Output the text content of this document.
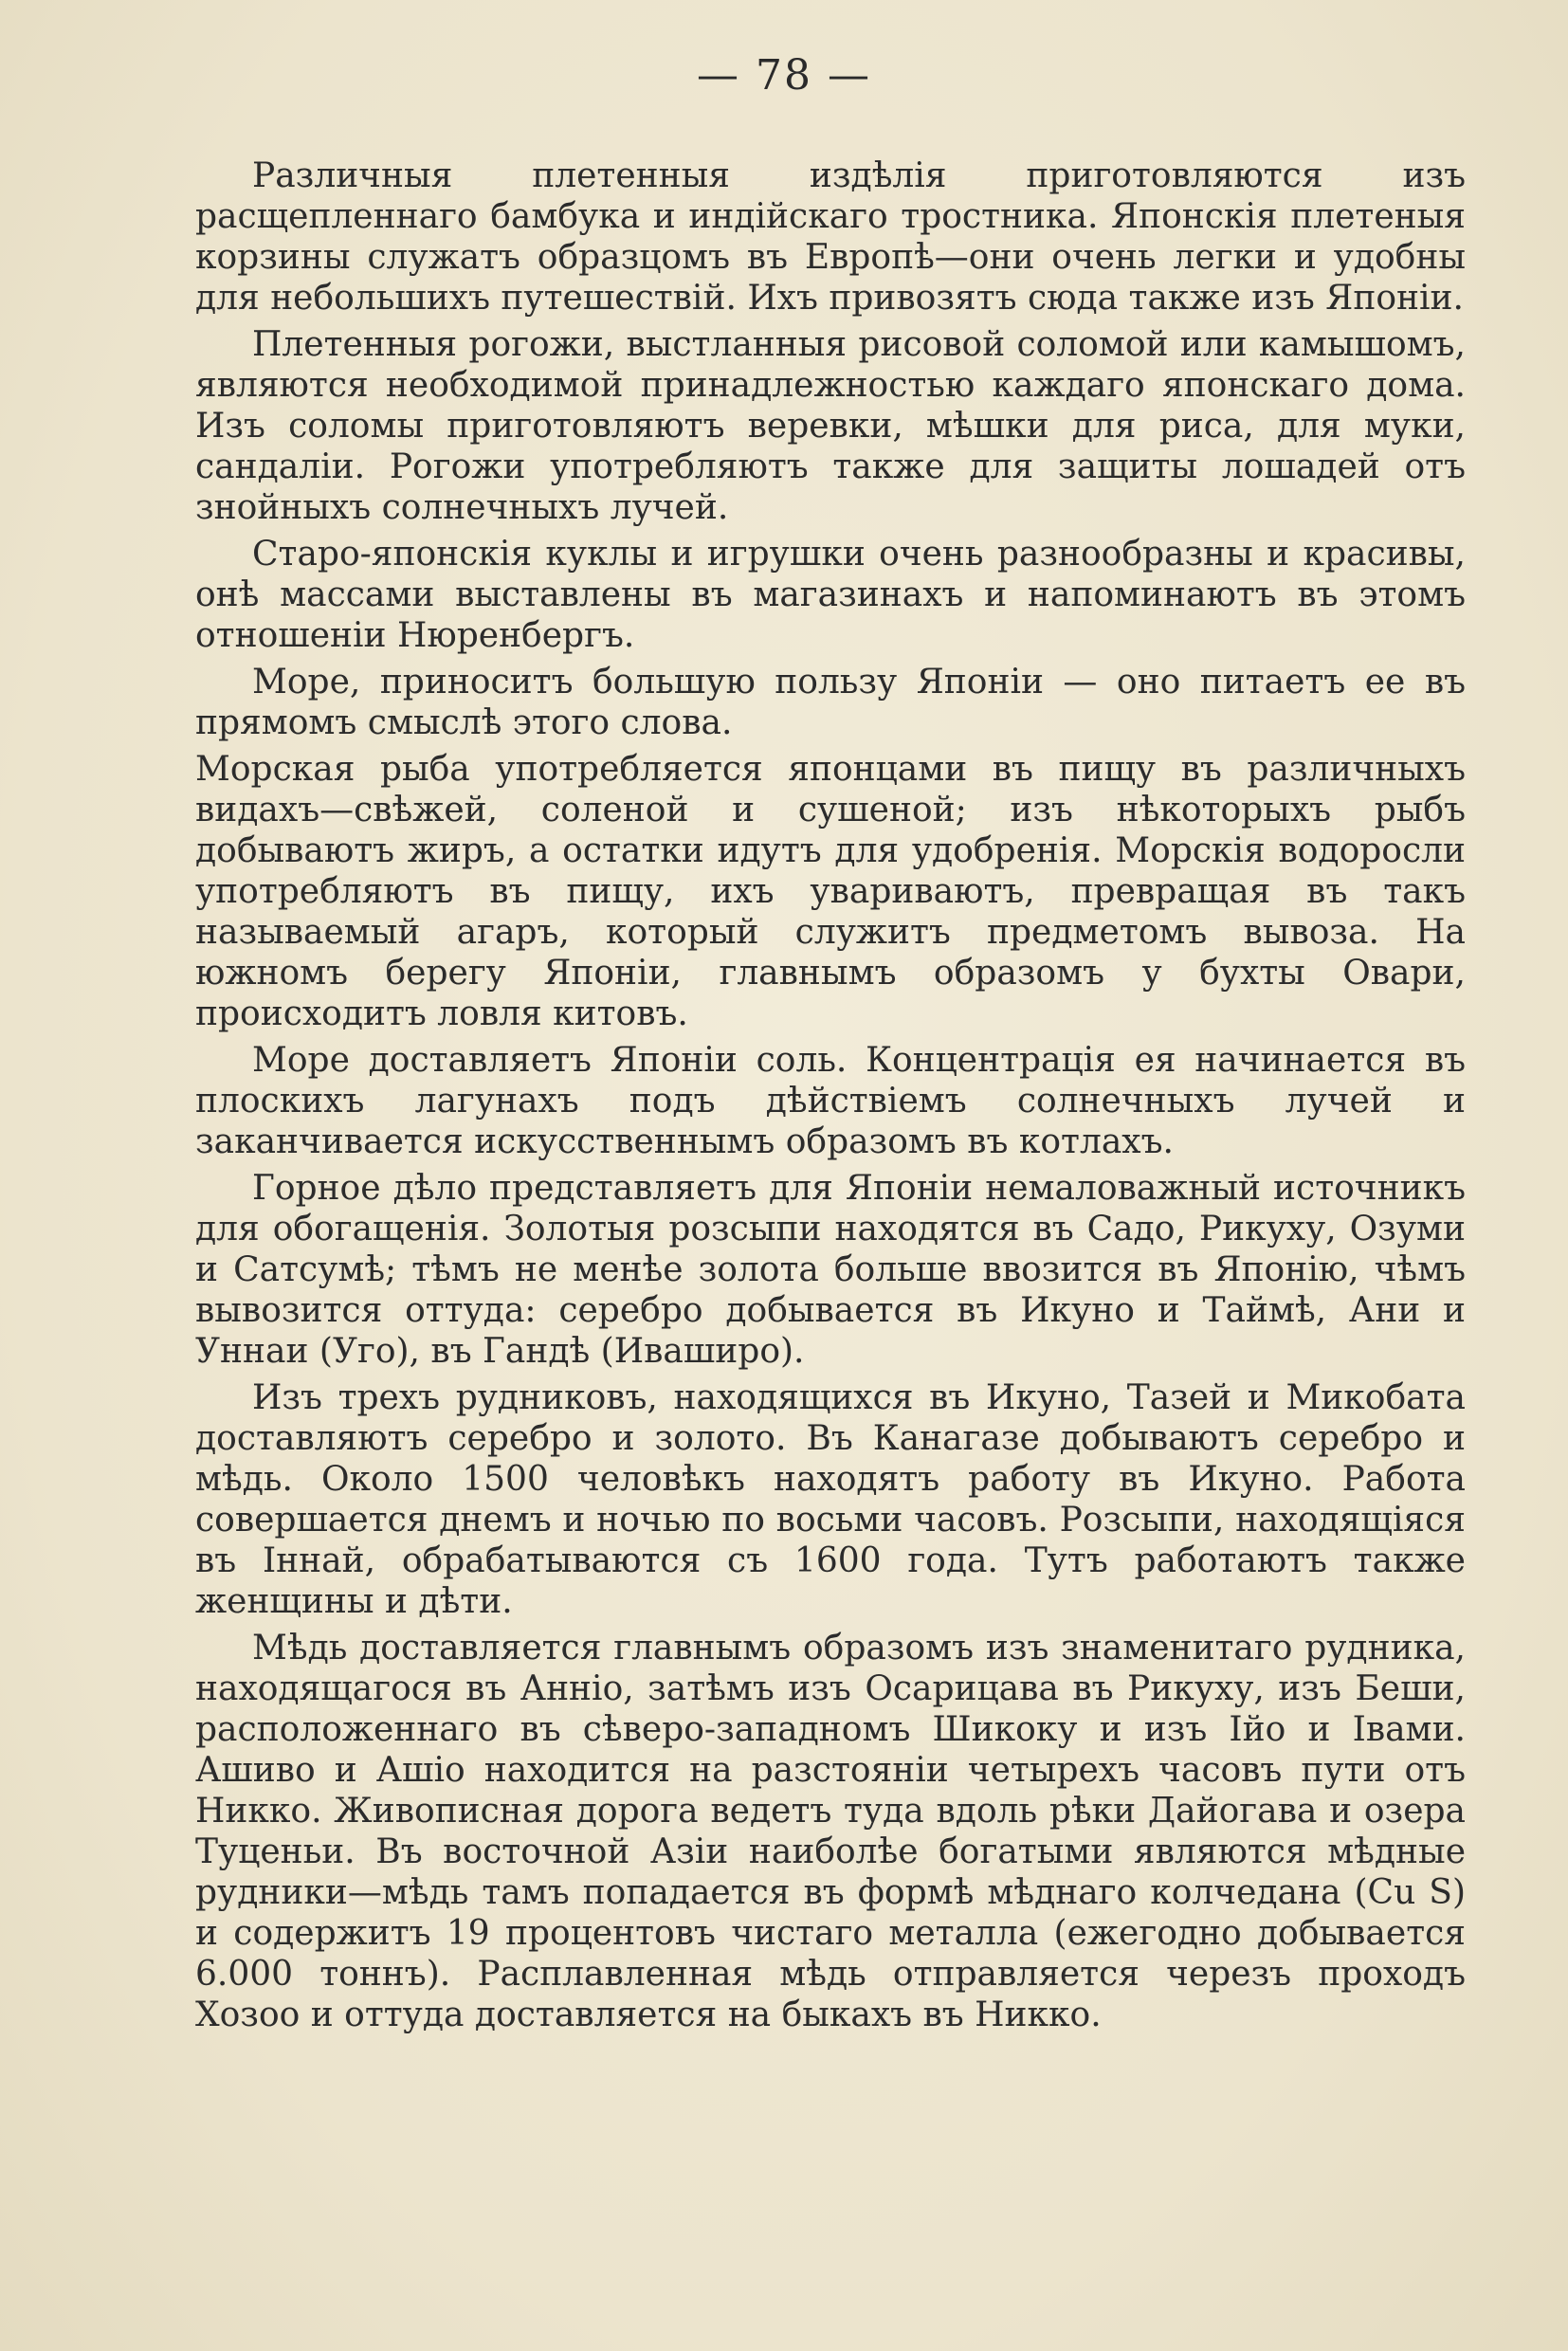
— 78 —

Различныя плетенныя издѣлія приготовляются изъ расщепленнаго бамбука и индійскаго тростника. Японскія плетеныя корзины служатъ образцомъ въ Европѣ—они очень легки и удобны для небольшихъ путешествій. Ихъ привозятъ сюда также изъ Японіи.

Плетенныя рогожи, выстланныя рисовой соломой или камышомъ, являются необходимой принадлежностью каждаго японскаго дома. Изъ соломы приготовляютъ веревки, мѣшки для риса, для муки, сандаліи. Рогожи употребляютъ также для защиты лошадей отъ знойныхъ солнечныхъ лучей.

Старо-японскія куклы и игрушки очень разнообразны и красивы, онѣ массами выставлены въ магазинахъ и напоминаютъ въ этомъ отношеніи Нюренбергъ.

Море, приноситъ большую пользу Японіи — оно питаетъ ее въ прямомъ смыслѣ этого слова.

Морская рыба употребляется японцами въ пищу въ различныхъ видахъ—свѣжей, соленой и сушеной; изъ нѣкоторыхъ рыбъ добываютъ жиръ, а остатки идутъ для удобренія. Морскія водоросли употребляютъ въ пищу, ихъ увариваютъ, превращая въ такъ называемый агаръ, который служитъ предметомъ вывоза. На южномъ берегу Японіи, главнымъ образомъ у бухты Овари, происходитъ ловля китовъ.

Море доставляетъ Японіи соль. Концентрація ея начинается въ плоскихъ лагунахъ подъ дѣйствіемъ солнечныхъ лучей и заканчивается искусственнымъ образомъ въ котлахъ.

Горное дѣло представляетъ для Японіи немаловажный источникъ для обогащенія. Золотыя розсыпи находятся въ Садо, Рикуху, Озуми и Сатсумѣ; тѣмъ не менѣе золота больше ввозится въ Японію, чѣмъ вывозится оттуда: серебро добывается въ Икуно и Таймѣ, Ани и Уннаи (Уго), въ Гандѣ (Иваширо).

Изъ трехъ рудниковъ, находящихся въ Икуно, Тазей и Микобата доставляютъ серебро и золото. Въ Канагазе добываютъ серебро и мѣдь. Около 1500 человѣкъ находятъ работу въ Икуно. Работа совершается днемъ и ночью по восьми часовъ. Розсыпи, находящіяся въ Іннай, обрабатываются съ 1600 года. Тутъ работаютъ также женщины и дѣти.

Мѣдь доставляется главнымъ образомъ изъ знаменитаго рудника, находящагося въ Анніо, затѣмъ изъ Осарицава въ Рикуху, изъ Беши, расположеннаго въ сѣверо-западномъ Шикоку и изъ Ійо и Івами. Ашиво и Ашіо находится на разстояніи четырехъ часовъ пути отъ Никко. Живописная дорога ведетъ туда вдоль рѣки Дайогава и озера Туценьи. Въ восточной Азіи наиболѣе богатыми являются мѣдные рудники—мѣдь тамъ попадается въ формѣ мѣднаго колчедана (Cu S) и содержитъ 19 процентовъ чистаго металла (ежегодно добывается 6.000 тоннъ). Расплавленная мѣдь отправляется черезъ проходъ Хозоо и оттуда доставляется на быкахъ въ Никко.
